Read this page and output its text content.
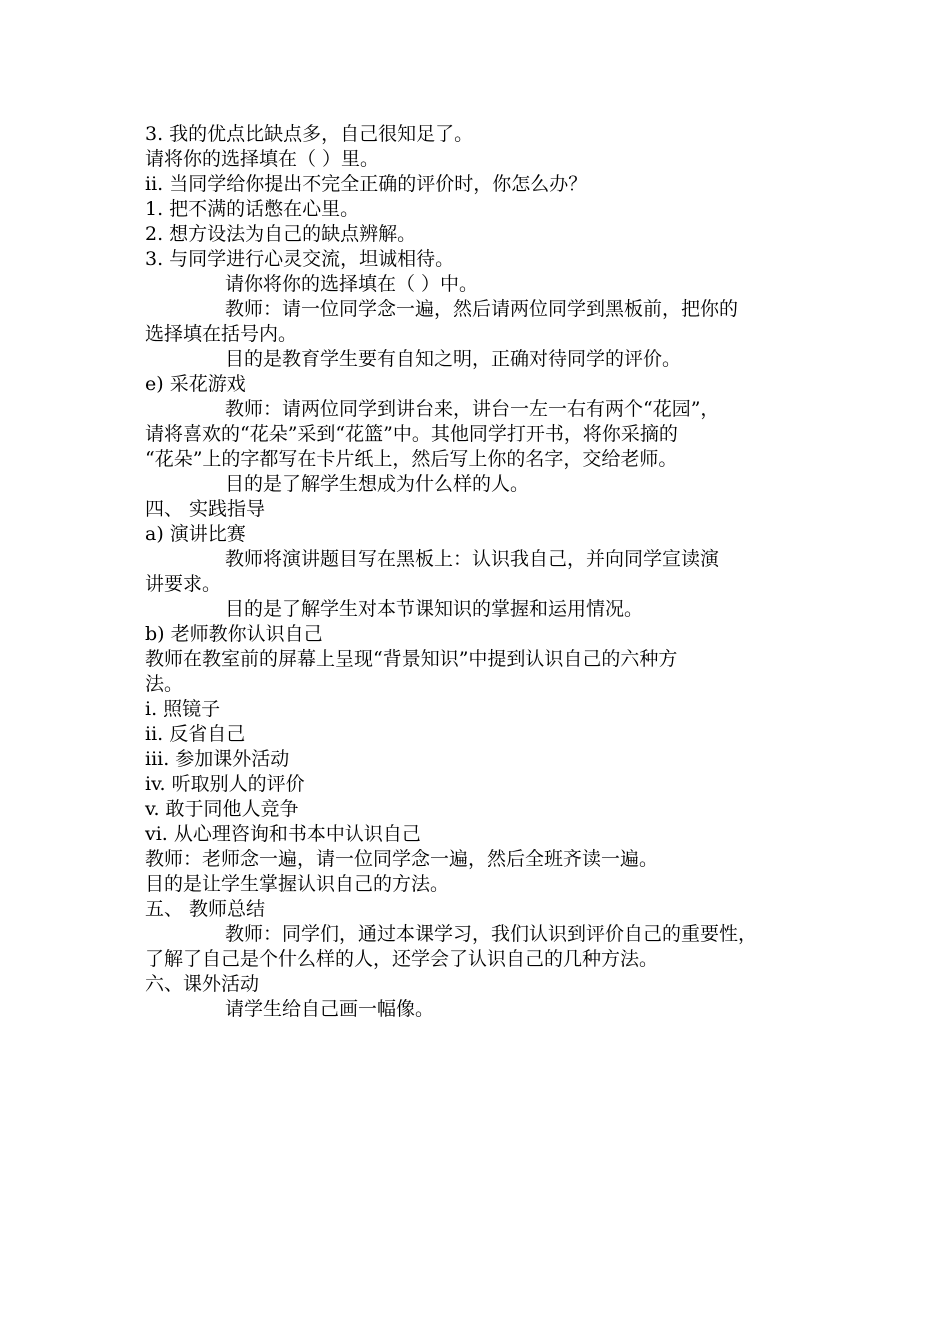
3. 我的优点比缺点多，自己很知足了。
请将你的选择填在（ ）里。
ii. 当同学给你提出不完全正确的评价时，你怎么办？
1. 把不满的话憋在心里。
2. 想方设法为自己的缺点辨解。
3. 与同学进行心灵交流，坦诚相待。
请你将你的选择填在（ ）中。
教师：请一位同学念一遍，然后请两位同学到黑板前，把你的
选择填在括号内。
目的是教育学生要有自知之明，正确对待同学的评价。
e) 采花游戏
教师：请两位同学到讲台来，讲台一左一右有两个“花园”，
请将喜欢的“花朵”采到“花篮”中。其他同学打开书，将你采摘的
“花朵”上的字都写在卡片纸上，然后写上你的名字，交给老师。
目的是了解学生想成为什么样的人。
四、 实践指导
a) 演讲比赛
教师将演讲题目写在黑板上：认识我自己，并向同学宣读演
讲要求。
目的是了解学生对本节课知识的掌握和运用情况。
b) 老师教你认识自己
教师在教室前的屏幕上呈现“背景知识”中提到认识自己的六种方
法。
i. 照镜子
ii. 反省自己
iii. 参加课外活动
iv. 听取别人的评价
v. 敢于同他人竞争
vi. 从心理咨询和书本中认识自己
教师：老师念一遍，请一位同学念一遍，然后全班齐读一遍。
目的是让学生掌握认识自己的方法。
五、 教师总结
教师：同学们，通过本课学习，我们认识到评价自己的重要性，
了解了自己是个什么样的人，还学会了认识自己的几种方法。
六、课外活动
请学生给自己画一幅像。
